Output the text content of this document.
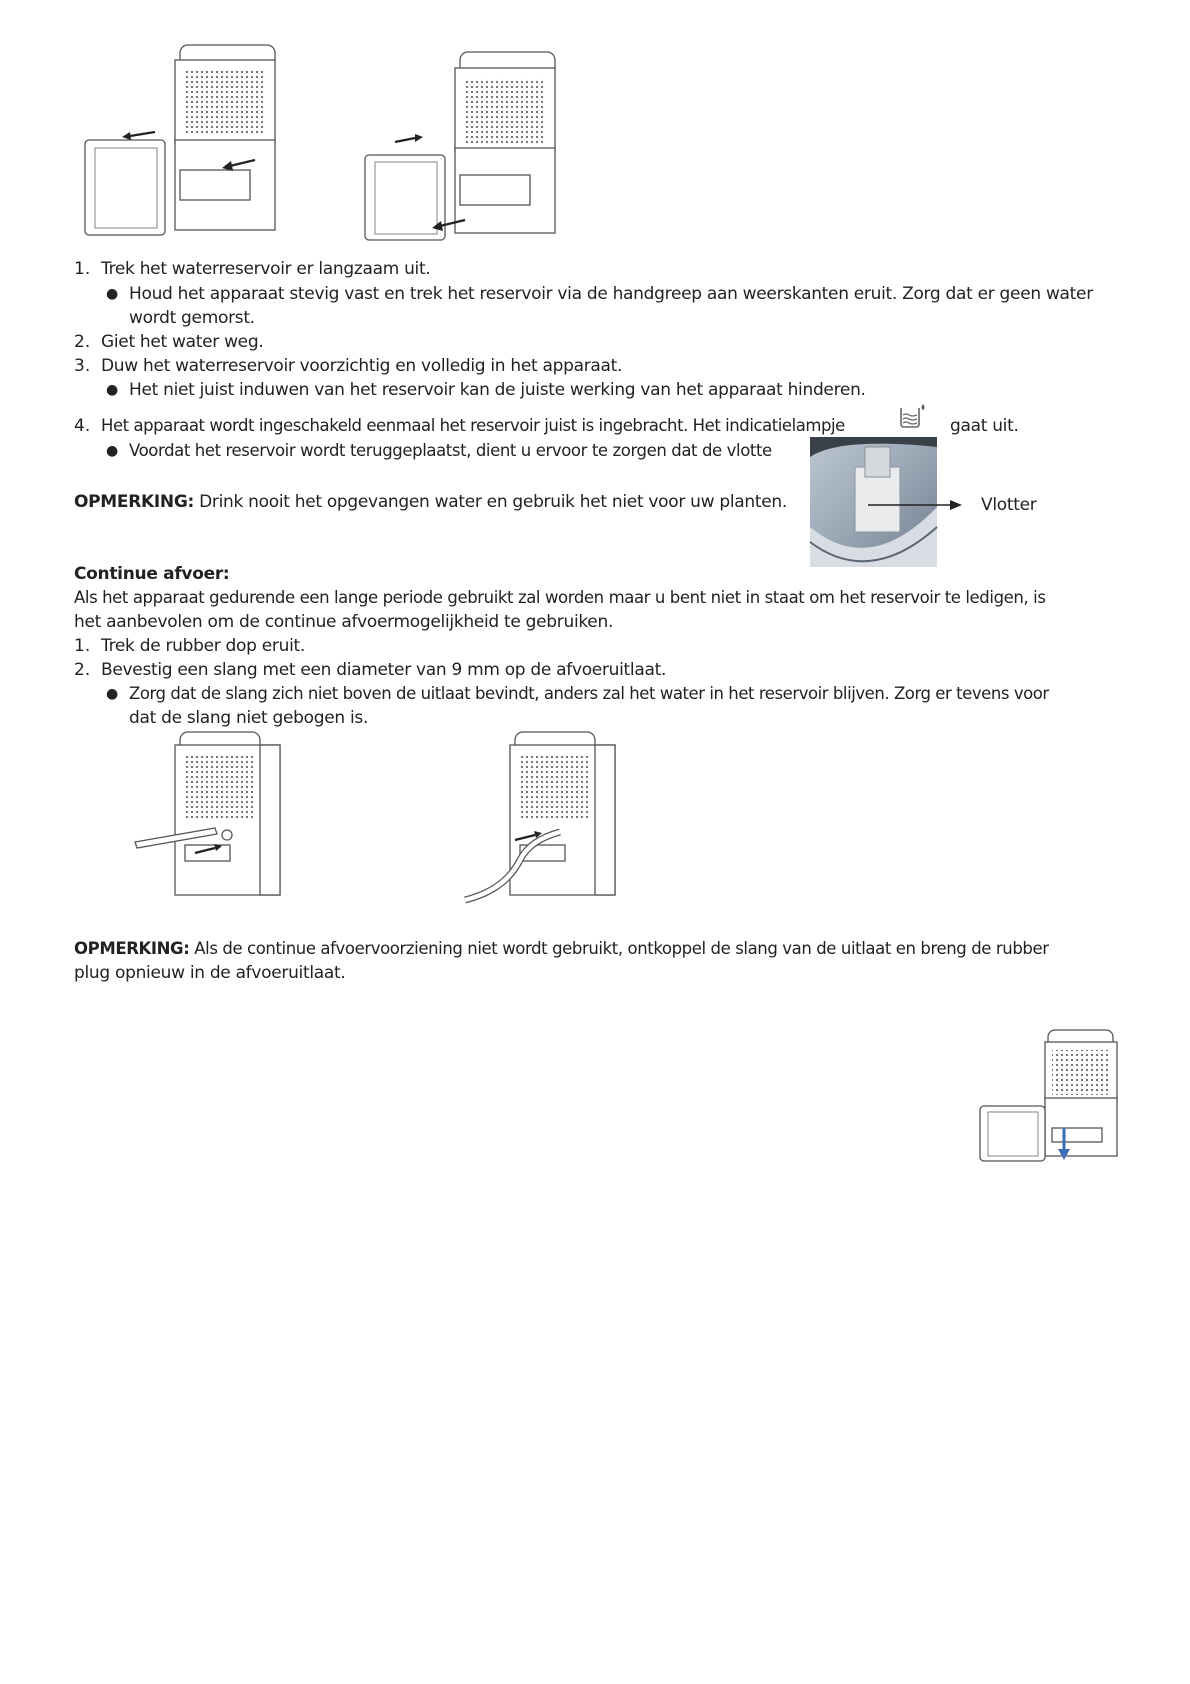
1. Trek het waterreservoir er langzaam uit.
● Houd het apparaat stevig vast en trek het reservoir via de handgreep aan weerskanten eruit. Zorg dat er geen water
wordt gemorst.
2. Giet het water weg.
3. Duw het waterreservoir voorzichtig en volledig in het apparaat.
● Het niet juist induwen van het reservoir kan de juiste werking van het apparaat hinderen.
4. Het apparaat wordt ingeschakeld eenmaal het reservoir juist is ingebracht. Het indicatielampje	gaat uit.
● Voordat het reservoir wordt teruggeplaatst, dient u ervoor te zorgen dat de vlotte
Vlotter
OPMERKING: Drink nooit het opgevangen water en gebruik het niet voor uw planten.
Continue afvoer:
Als het apparaat gedurende een lange periode gebruikt zal worden maar u bent niet in staat om het reservoir te ledigen, is
het aanbevolen om de continue afvoermogelijkheid te gebruiken.
1. Trek de rubber dop eruit.
2. Bevestig een slang met een diameter van 9 mm op de afvoeruitlaat.
● Zorg dat de slang zich niet boven de uitlaat bevindt, anders zal het water in het reservoir blijven. Zorg er tevens voor
dat de slang niet gebogen is.
OPMERKING: Als de continue afvoervoorziening niet wordt gebruikt, ontkoppel de slang van de uitlaat en breng de rubber
plug opnieuw in de afvoeruitlaat.
